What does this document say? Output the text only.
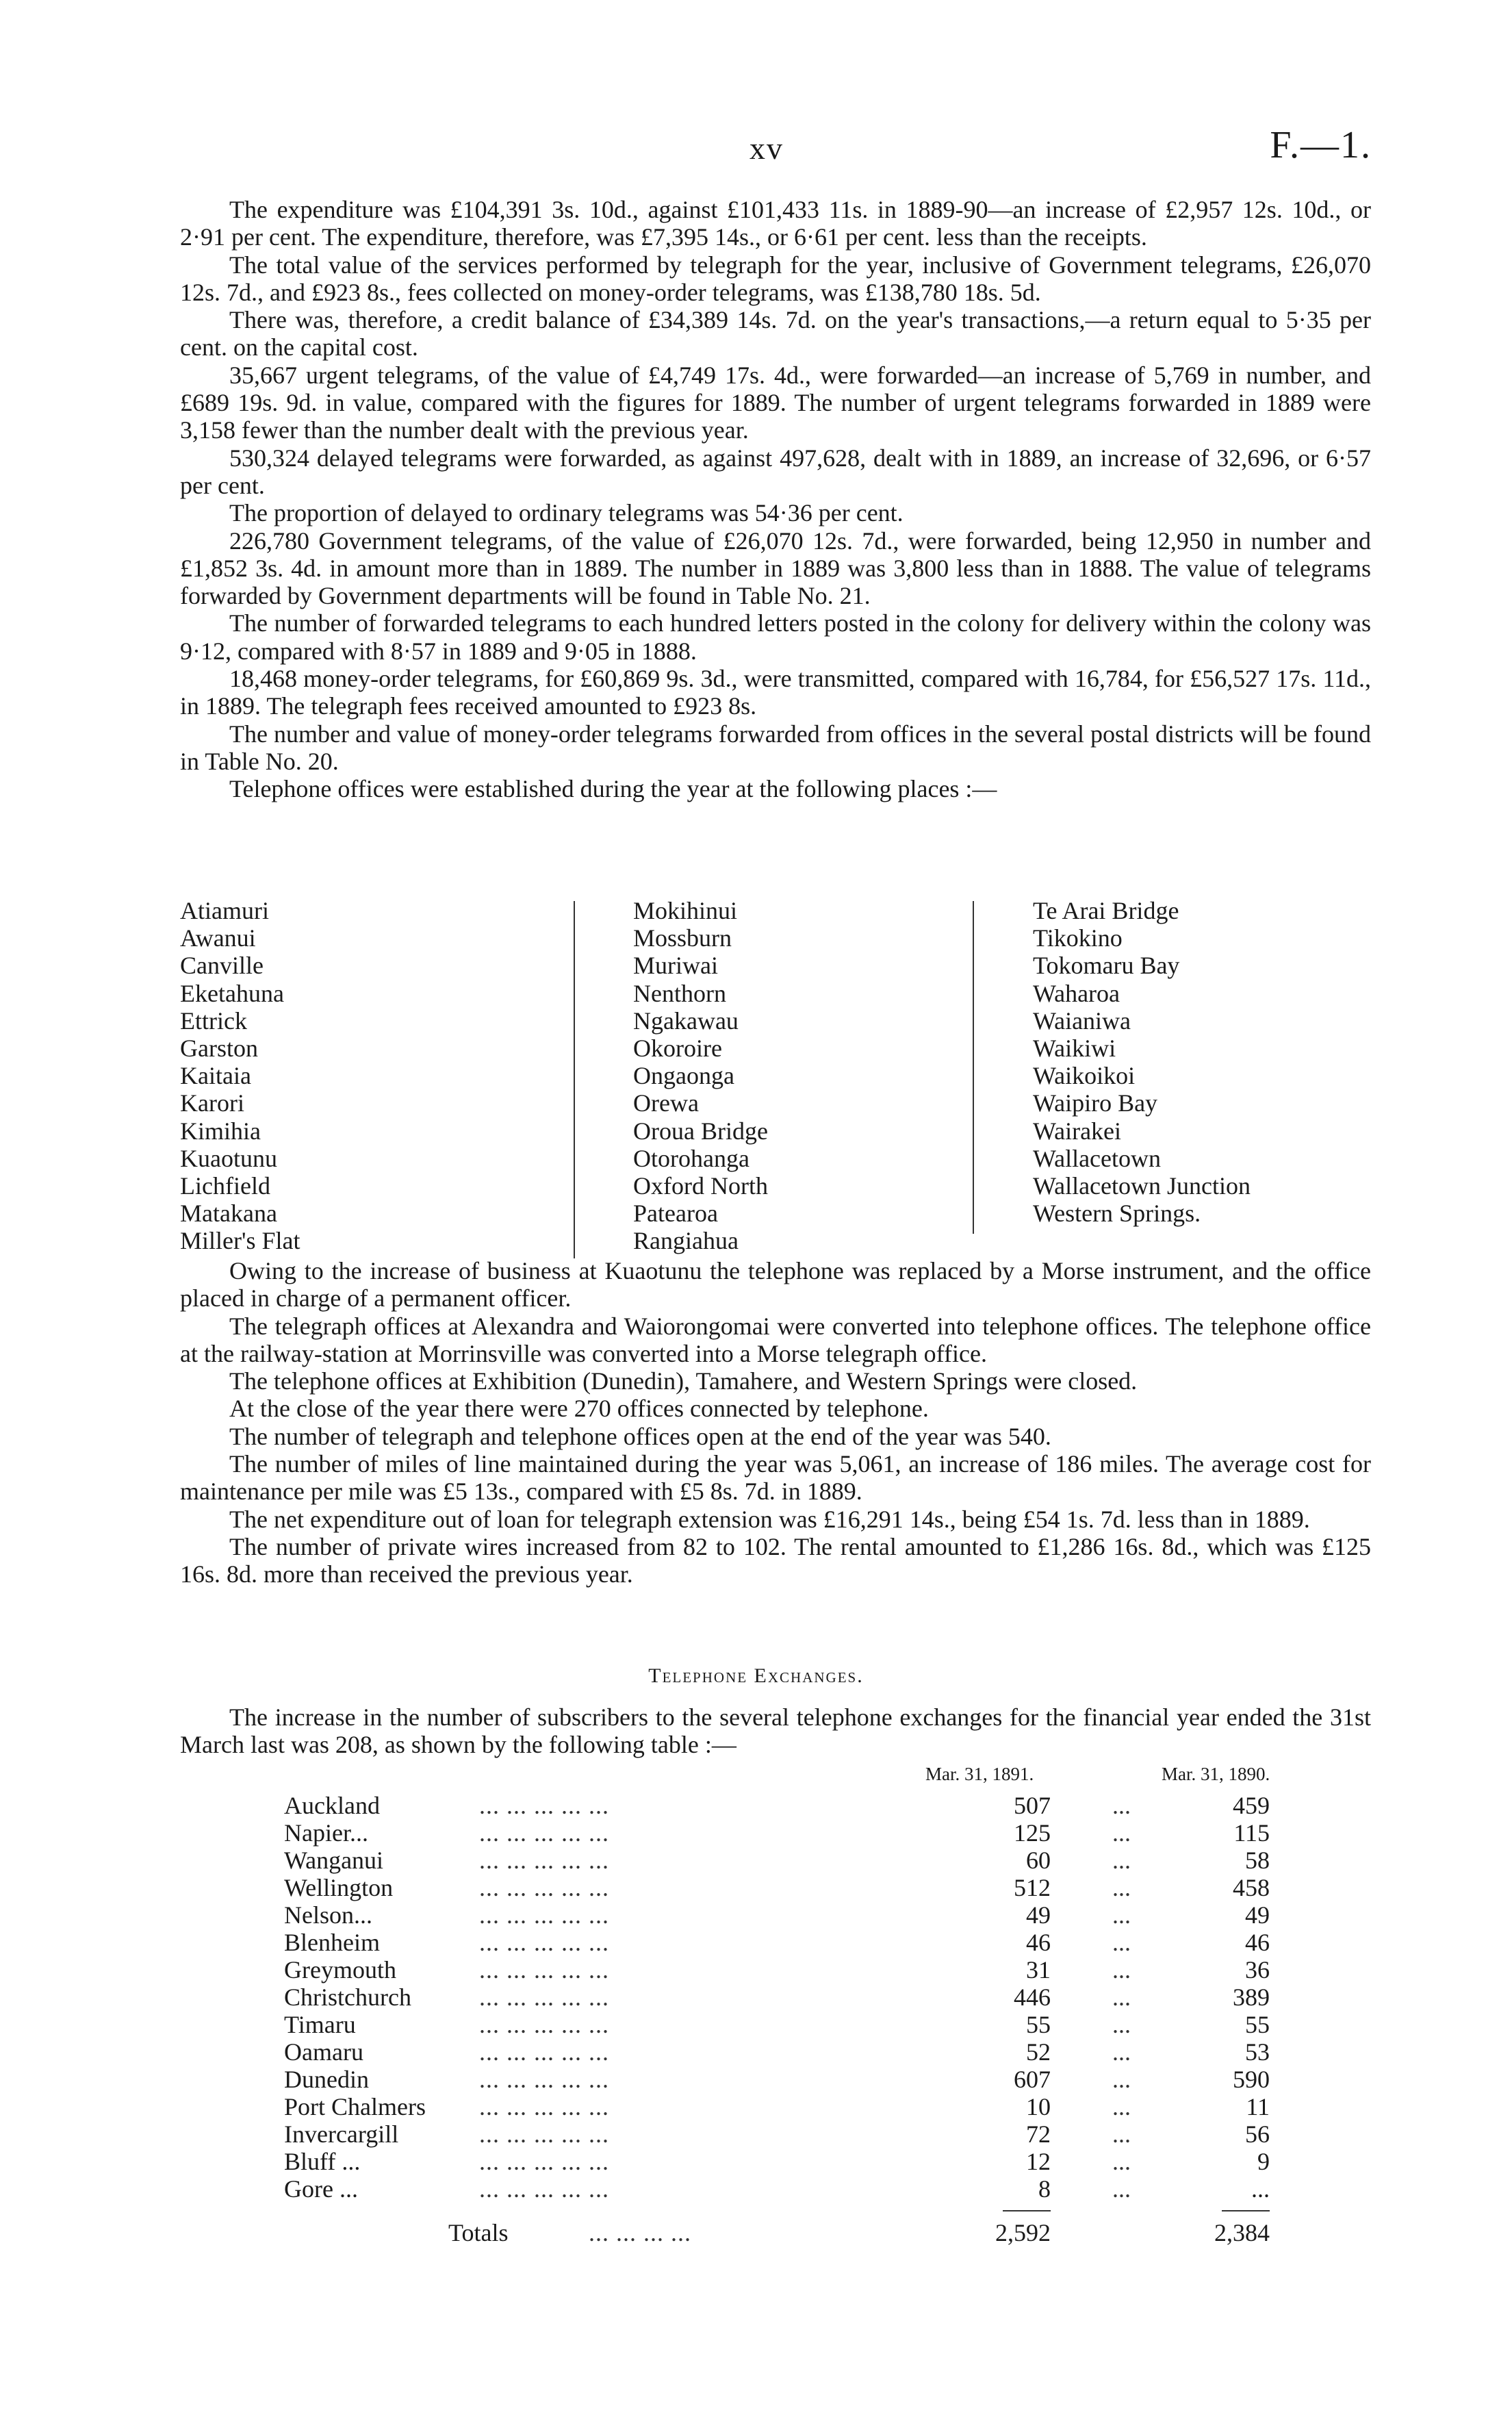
xv	F.—1.

The expenditure was £104,391 3s. 10d., against £101,433 11s. in 1889-90—an increase of £2,957 12s. 10d., or 2·91 per cent. The expenditure, therefore, was £7,395 14s., or 6·61 per cent. less than the receipts.

The total value of the services performed by telegraph for the year, inclusive of Government telegrams, £26,070 12s. 7d., and £923 8s., fees collected on money-order telegrams, was £138,780 18s. 5d.

There was, therefore, a credit balance of £34,389 14s. 7d. on the year's transactions,—a return equal to 5·35 per cent. on the capital cost.

35,667 urgent telegrams, of the value of £4,749 17s. 4d., were forwarded—an increase of 5,769 in number, and £689 19s. 9d. in value, compared with the figures for 1889. The number of urgent telegrams forwarded in 1889 were 3,158 fewer than the number dealt with the previous year.

530,324 delayed telegrams were forwarded, as against 497,628, dealt with in 1889, an increase of 32,696, or 6·57 per cent.

The proportion of delayed to ordinary telegrams was 54·36 per cent.

226,780 Government telegrams, of the value of £26,070 12s. 7d., were forwarded, being 12,950 in number and £1,852 3s. 4d. in amount more than in 1889. The number in 1889 was 3,800 less than in 1888. The value of telegrams forwarded by Government departments will be found in Table No. 21.

The number of forwarded telegrams to each hundred letters posted in the colony for delivery within the colony was 9·12, compared with 8·57 in 1889 and 9·05 in 1888.

18,468 money-order telegrams, for £60,869 9s. 3d., were transmitted, compared with 16,784, for £56,527 17s. 11d., in 1889. The telegraph fees received amounted to £923 8s.

The number and value of money-order telegrams forwarded from offices in the several postal districts will be found in Table No. 20.

Telephone offices were established during the year at the following places :—

Atiamuri
Awanui
Canville
Eketahuna
Ettrick
Garston
Kaitaia
Karori
Kimihia
Kuaotunu
Lichfield
Matakana
Miller's Flat
Mokihinui
Mossburn
Muriwai
Nenthorn
Ngakawau
Okoroire
Ongaonga
Orewa
Oroua Bridge
Otorohanga
Oxford North
Patearoa
Rangiahua
Te Arai Bridge
Tikokino
Tokomaru Bay
Waharoa
Waianiwa
Waikiwi
Waikoikoi
Waipiro Bay
Wairakei
Wallacetown
Wallacetown Junction
Western Springs.

Owing to the increase of business at Kuaotunu the telephone was replaced by a Morse instrument, and the office placed in charge of a permanent officer.

The telegraph offices at Alexandra and Waiorongomai were converted into telephone offices. The telephone office at the railway-station at Morrinsville was converted into a Morse telegraph office.

The telephone offices at Exhibition (Dunedin), Tamahere, and Western Springs were closed.

At the close of the year there were 270 offices connected by telephone.

The number of telegraph and telephone offices open at the end of the year was 540.

The number of miles of line maintained during the year was 5,061, an increase of 186 miles. The average cost for maintenance per mile was £5 13s., compared with £5 8s. 7d. in 1889.

The net expenditure out of loan for telegraph extension was £16,291 14s., being £54 1s. 7d. less than in 1889.

The number of private wires increased from 82 to 102. The rental amounted to £1,286 16s. 8d., which was £125 16s. 8d. more than received the previous year.

Telephone Exchanges.

The increase in the number of subscribers to the several telephone exchanges for the financial year ended the 31st March last was 208, as shown by the following table :—

Mar. 31, 1891.	Mar. 31, 1890.
Auckland	... ... ... ... ...	507	...	459
Napier...	... ... ... ... ...	125	...	115
Wanganui	... ... ... ... ...	60	...	58
Wellington	... ... ... ... ...	512	...	458
Nelson...	... ... ... ... ...	49	...	49
Blenheim	... ... ... ... ...	46	...	46
Greymouth	... ... ... ... ...	31	...	36
Christchurch	... ... ... ... ...	446	...	389
Timaru	... ... ... ... ...	55	...	55
Oamaru	... ... ... ... ...	52	...	53
Dunedin	... ... ... ... ...	607	...	590
Port Chalmers ... ... ... ... ...	10	...	11
Invercargill	... ... ... ... ...	72	...	56
Bluff ...	... ... ... ... ...	12	...	9
Gore ...	... ... ... ... ...	8	...	...
Totals	... ... ... ...	2,592	2,384
